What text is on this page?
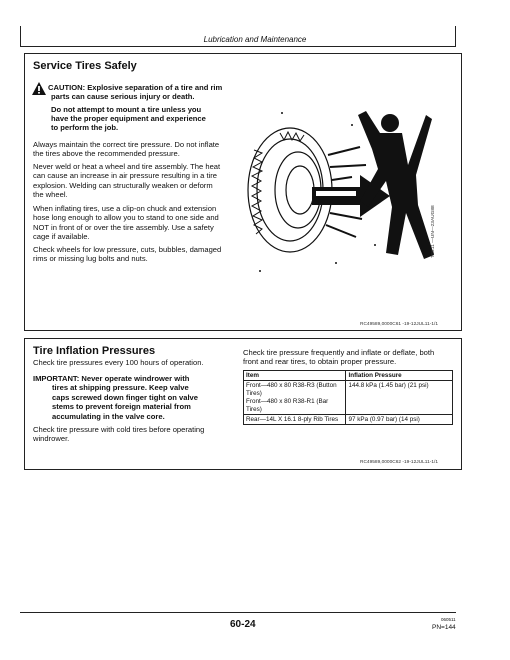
Lubrication and Maintenance
Service Tires Safely
CAUTION: Explosive separation of a tire and rim
parts can cause serious injury or death.
Do not attempt to mount a tire unless you
have the proper equipment and experience
to perform the job.
Always maintain the correct tire pressure. Do not inflate
the tires above the recommended pressure.
Never weld or heat a wheel and tire assembly. The heat
can cause an increase in air pressure resulting in a tire
explosion. Welding can structurally weaken or deform
the wheel.
When inflating tires, use a clip-on chuck and extension
hose long enough to allow you to stand to one side and
NOT in front of or over the tire assembly. Use a safety
cage if available.
Check wheels for low pressure, cuts, bubbles, damaged
rims or missing lug bolts and nuts.
TS211 —UN—23AUG88
RC49589,0000C61 -19-12JUL11-1/1
Tire Inflation Pressures
Check tire pressures every 100 hours of operation.
IMPORTANT: Never operate windrower with
tires at shipping pressure. Keep valve
caps screwed down finger tight on valve
stems to prevent foreign material from
accumulating in the valve core.
Check tire pressure with cold tires before operating
windrower.
Check tire pressure frequently and inflate or deflate, both
front and rear tires, to obtain proper pressure.
Item	Inflation Pressure

Front—480 x 80 R38-R3 (Button Tires)
Front—480 x 80 R38-R1 (Bar Tires)	144.8 kPa (1.45 bar) (21 psi)

Rear—14L X 16.1 8-ply Rib Tires	97 kPa (0.97 bar) (14 psi)
RC49589,0000C62 -19-12JUL11-1/1
60-24	060511
PN=144
